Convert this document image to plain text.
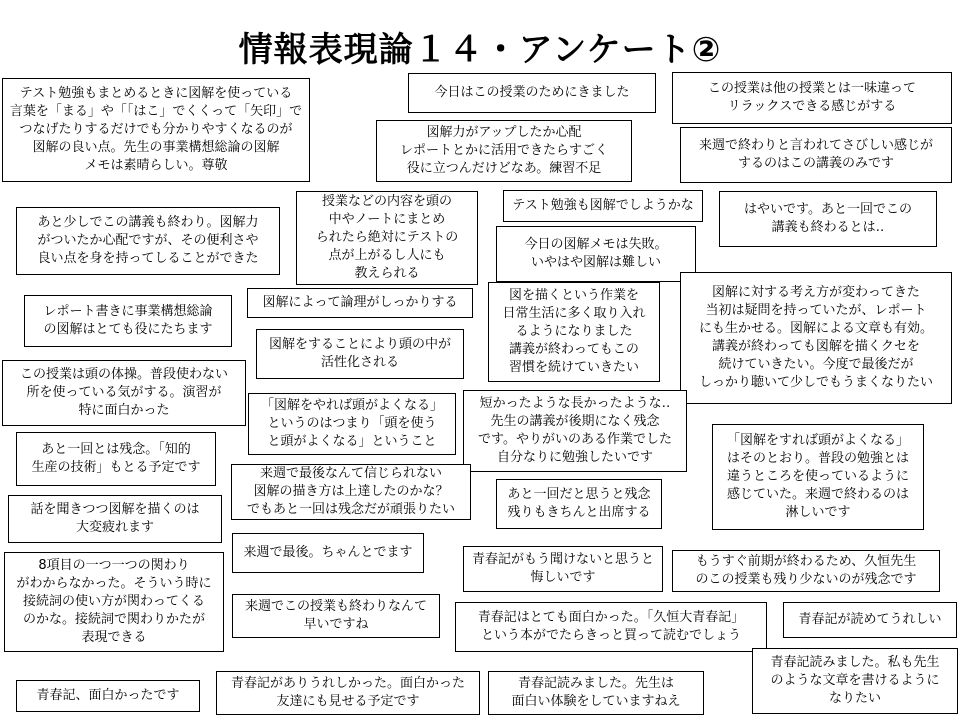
情報表現論１４・アンケート②
テスト勉強もまとめるときに図解を使っている
言葉を「まる」や「「はこ」でくくって「矢印」で
つなげたりするだけでも分かりやすくなるのが
図解の良い点。先生の事業構想総論の図解
メモは素晴らしい。尊敬
今日はこの授業のためにきました	この授業は他の授業とは一味違って
リラックスできる感じがする
図解力がアップしたか心配
レポートとかに活用できたらすごく
役に立つんだけどなあ。練習不足
来週で終わりと言われてさびしい感じが
するのはこの講義のみです
あと少しでこの講義も終わり。図解力
がついたか心配ですが、その便利さや
良い点を身を持ってしることができた
授業などの内容を頭の
中やノートにまとめ
られたら絶対にテストの
点が上がるし人にも
教えられる
テスト勉強も図解でしようかな	はやいです。あと一回でこの
講義も終わるとは‥
今日の図解メモは失敗。
いやはや図解は難しい
レポート書きに事業構想総論
の図解はとても役にたちます
図解によって論理がしっかりする	図を描くという作業を
日常生活に多く取り入れ
るようになりました
講義が終わってもこの
習慣を続けていきたい
図解に対する考え方が変わってきた
当初は疑問を持っていたが、レポート
にも生かせる。図解による文章も有効。
講義が終わっても図解を描くクセを
続けていきたい。今度で最後だが
しっかり聴いて少しでもうまくなりたい
図解をすることにより頭の中が
活性化される
この授業は頭の体操。普段使わない
所を使っている気がする。演習が
特に面白かった	「図解をやれば頭がよくなる」
というのはつまり「頭を使う
と頭がよくなる」ということ
短かったような長かったような‥
先生の講義が後期になく残念
です。やりがいのある作業でした
自分なりに勉強したいです
「図解をすれば頭がよくなる」
はそのとおり。普段の勉強とは
違うところを使っているように
感じていた。来週で終わるのは
淋しいです
あと一回とは残念。「知的
生産の技術」もとる予定です	来週で最後なんて信じられない
図解の描き方は上達したのかな？
でもあと一回は残念だが頑張りたい
あと一回だと思うと残念
残りもきちんと出席する
話を聞きつつ図解を描くのは
大変疲れます
8項目の一つ一つの関わり
がわからなかった。そういう時に
接続詞の使い方が関わってくる
のかな。接続詞で関わりかたが
表現できる
来週で最後。ちゃんとでます	青春記がもう聞けないと思うと
悔しいです
もうすぐ前期が終わるため、久恒先生
のこの授業も残り少ないのが残念です
来週でこの授業も終わりなんて
早いですね	青春記はとても面白かった。「久恒大青春記」
という本がでたらきっと買って読むでしょう
青春記が読めてうれしい
青春記読みました。私も先生
のような文章を書けるように
なりたい
青春記、面白かったです
青春記がありうれしかった。面白かった
友達にも見せる予定です
青春記読みました。先生は
面白い体験をしていますねえ
